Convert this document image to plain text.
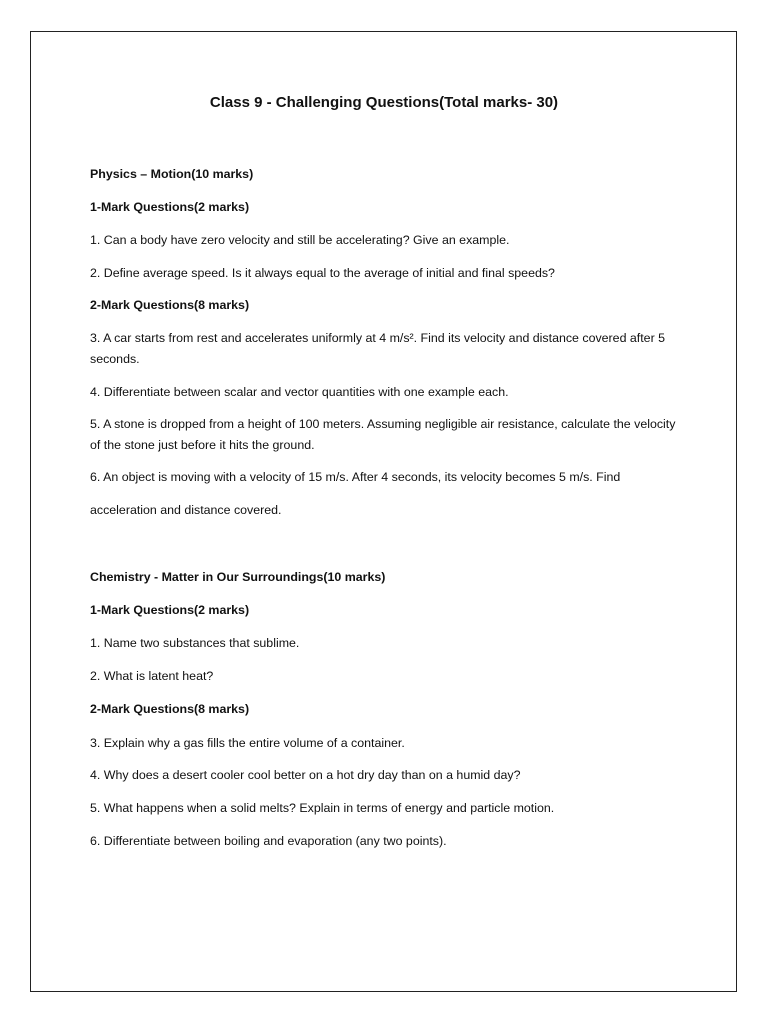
Class 9 - Challenging Questions(Total marks- 30)

Physics – Motion(10 marks)

1-Mark Questions(2 marks)

1. Can a body have zero velocity and still be accelerating? Give an example.

2. Define average speed. Is it always equal to the average of initial and final speeds?

2-Mark Questions(8 marks)

3. A car starts from rest and accelerates uniformly at 4 m/s². Find its velocity and distance covered after 5 seconds.

4. Differentiate between scalar and vector quantities with one example each.

5. A stone is dropped from a height of 100 meters. Assuming negligible air resistance, calculate the velocity of the stone just before it hits the ground.

6. An object is moving with a velocity of 15 m/s. After 4 seconds, its velocity becomes 5 m/s. Find

acceleration and distance covered.

Chemistry - Matter in Our Surroundings(10 marks)

1-Mark Questions(2 marks)

1. Name two substances that sublime.

2. What is latent heat?

2-Mark Questions(8 marks)

3. Explain why a gas fills the entire volume of a container.

4. Why does a desert cooler cool better on a hot dry day than on a humid day?

5. What happens when a solid melts? Explain in terms of energy and particle motion.

6. Differentiate between boiling and evaporation (any two points).
